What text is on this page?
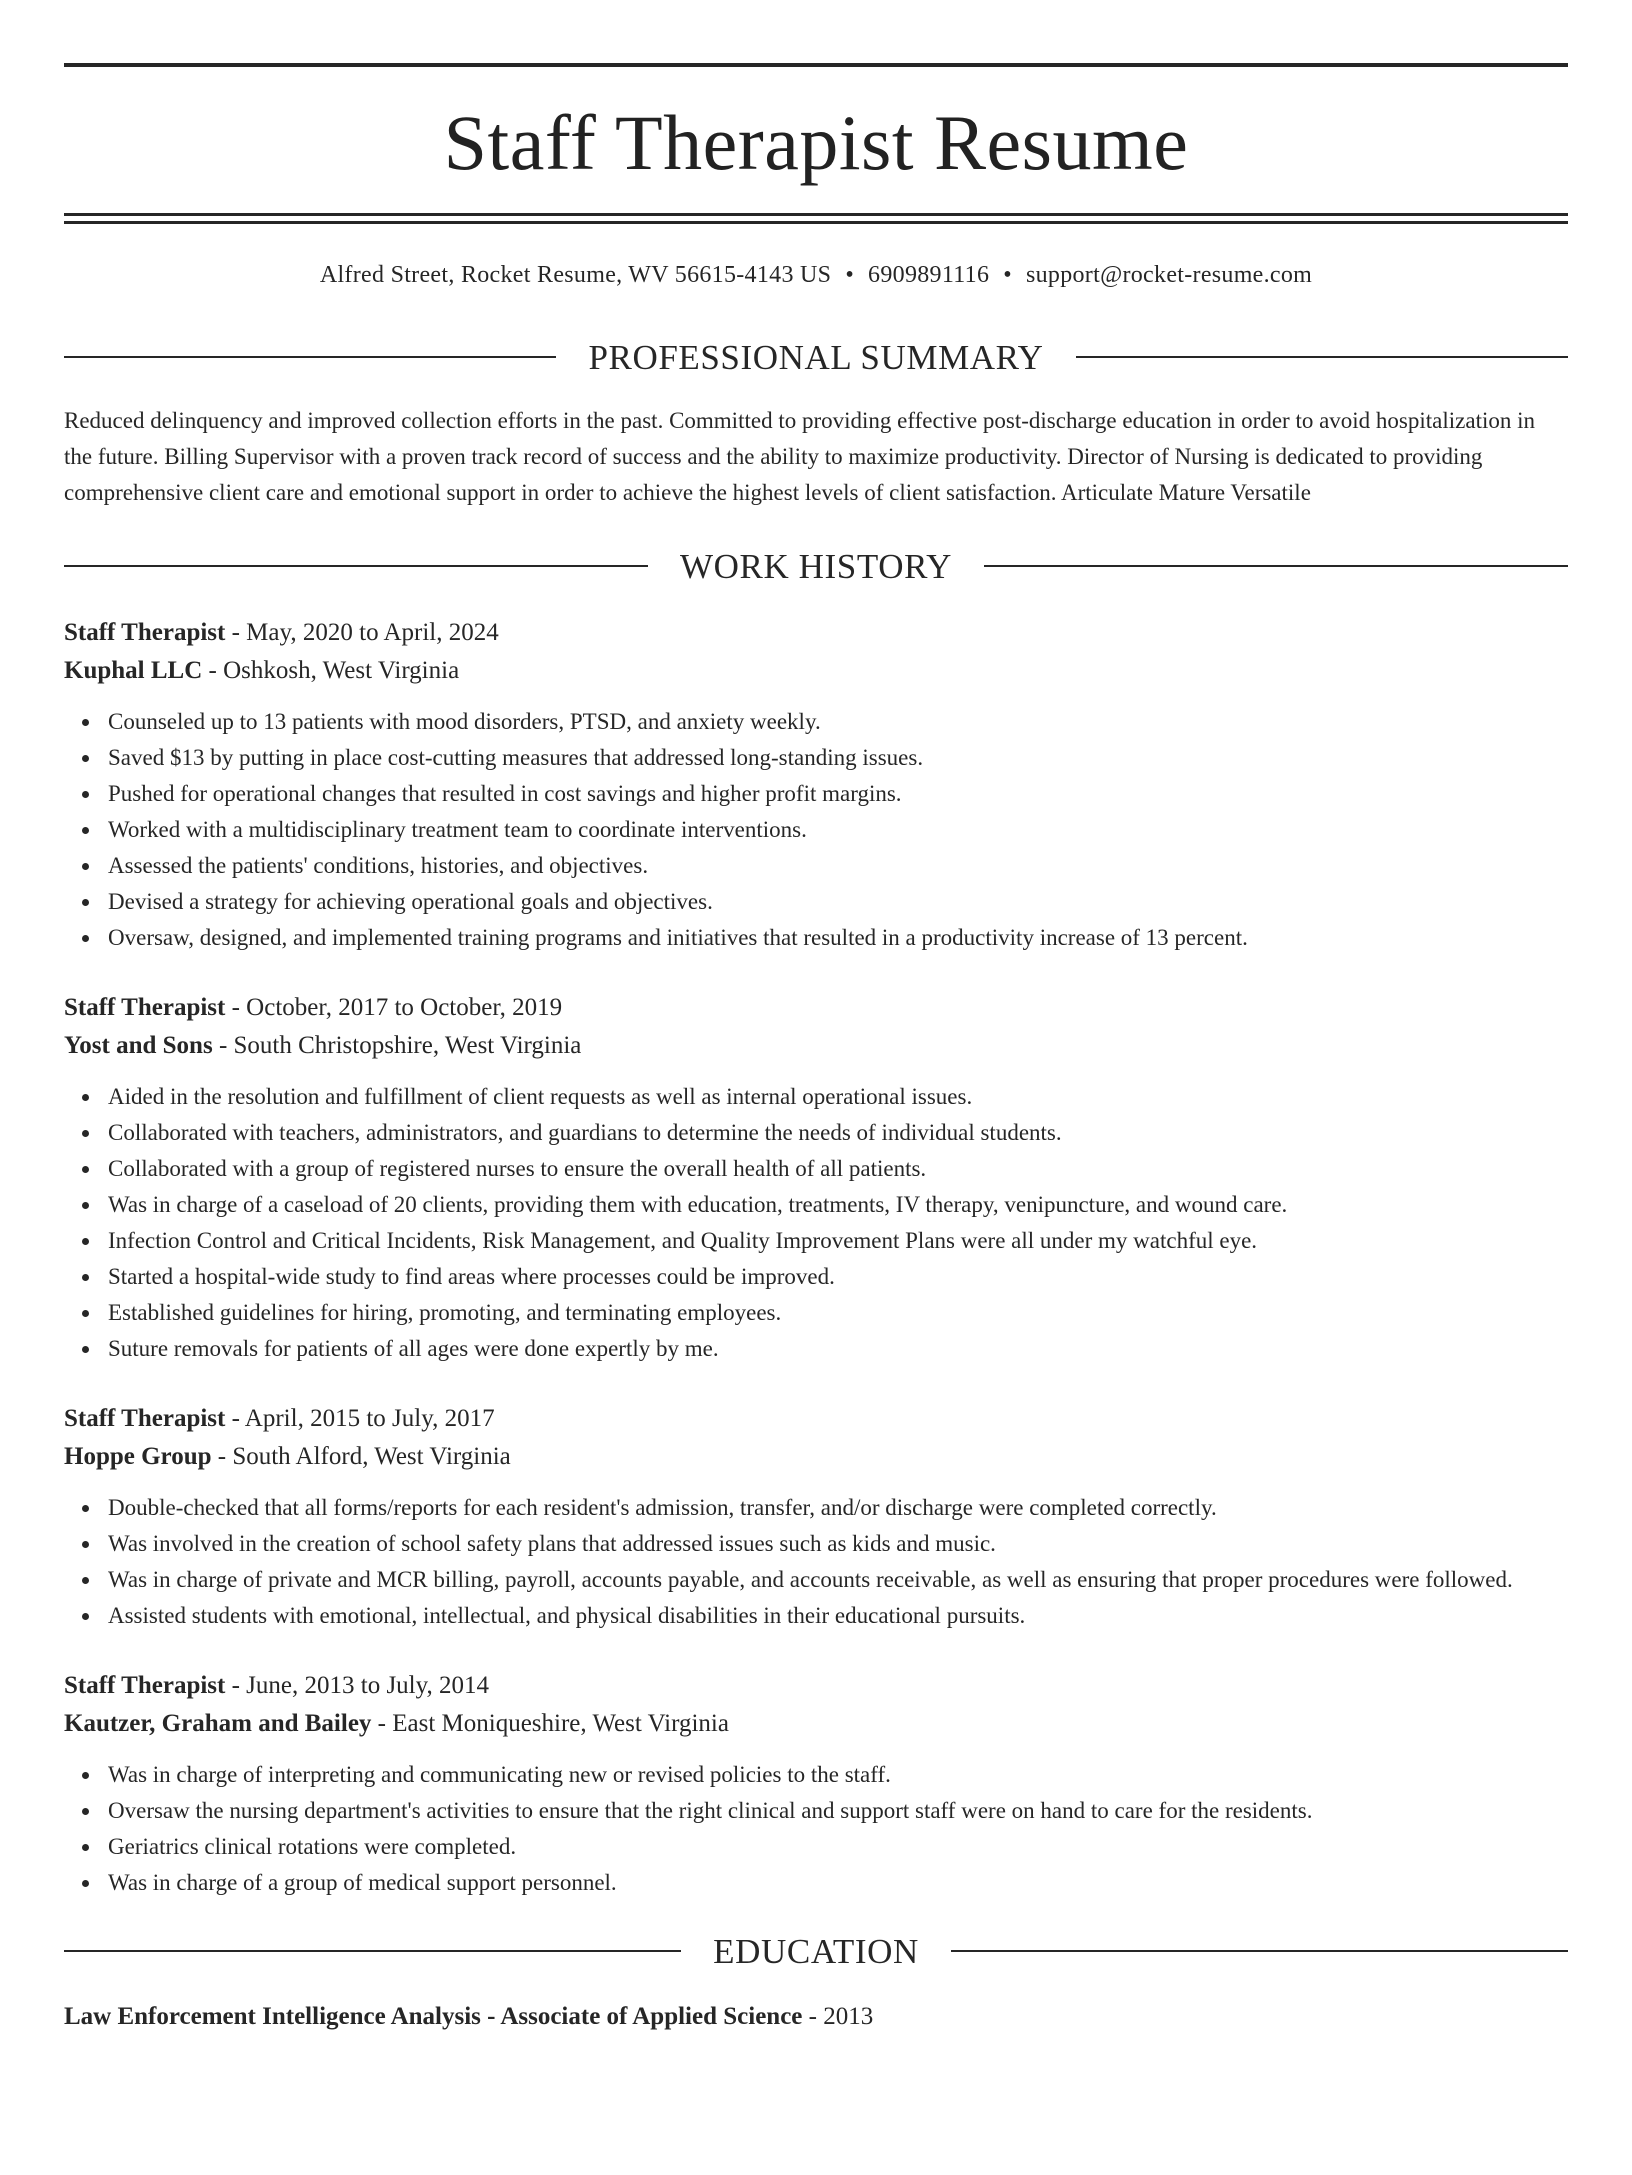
Staff Therapist Resume
Alfred Street, Rocket Resume, WV 56615-4143 US • 6909891116 • support@rocket-resume.com
PROFESSIONAL SUMMARY

Reduced delinquency and improved collection efforts in the past. Committed to providing effective post-discharge education in order to avoid hospitalization in the future. Billing Supervisor with a proven track record of success and the ability to maximize productivity. Director of Nursing is dedicated to providing comprehensive client care and emotional support in order to achieve the highest levels of client satisfaction. Articulate Mature Versatile

WORK HISTORY
Staff Therapist - May, 2020 to April, 2024
Kuphal LLC - Oshkosh, West Virginia
Counseled up to 13 patients with mood disorders, PTSD, and anxiety weekly.
Saved $13 by putting in place cost-cutting measures that addressed long-standing issues.
Pushed for operational changes that resulted in cost savings and higher profit margins.
Worked with a multidisciplinary treatment team to coordinate interventions.
Assessed the patients' conditions, histories, and objectives.
Devised a strategy for achieving operational goals and objectives.
Oversaw, designed, and implemented training programs and initiatives that resulted in a productivity increase of 13 percent.
Staff Therapist - October, 2017 to October, 2019
Yost and Sons - South Christopshire, West Virginia
Aided in the resolution and fulfillment of client requests as well as internal operational issues.
Collaborated with teachers, administrators, and guardians to determine the needs of individual students.
Collaborated with a group of registered nurses to ensure the overall health of all patients.
Was in charge of a caseload of 20 clients, providing them with education, treatments, IV therapy, venipuncture, and wound care.
Infection Control and Critical Incidents, Risk Management, and Quality Improvement Plans were all under my watchful eye.
Started a hospital-wide study to find areas where processes could be improved.
Established guidelines for hiring, promoting, and terminating employees.
Suture removals for patients of all ages were done expertly by me.
Staff Therapist - April, 2015 to July, 2017
Hoppe Group - South Alford, West Virginia
Double-checked that all forms/reports for each resident's admission, transfer, and/or discharge were completed correctly.
Was involved in the creation of school safety plans that addressed issues such as kids and music.
Was in charge of private and MCR billing, payroll, accounts payable, and accounts receivable, as well as ensuring that proper procedures were followed.
Assisted students with emotional, intellectual, and physical disabilities in their educational pursuits.
Staff Therapist - June, 2013 to July, 2014
Kautzer, Graham and Bailey - East Moniqueshire, West Virginia
Was in charge of interpreting and communicating new or revised policies to the staff.
Oversaw the nursing department's activities to ensure that the right clinical and support staff were on hand to care for the residents.
Geriatrics clinical rotations were completed.
Was in charge of a group of medical support personnel.
EDUCATION
Law Enforcement Intelligence Analysis - Associate of Applied Science - 2013
